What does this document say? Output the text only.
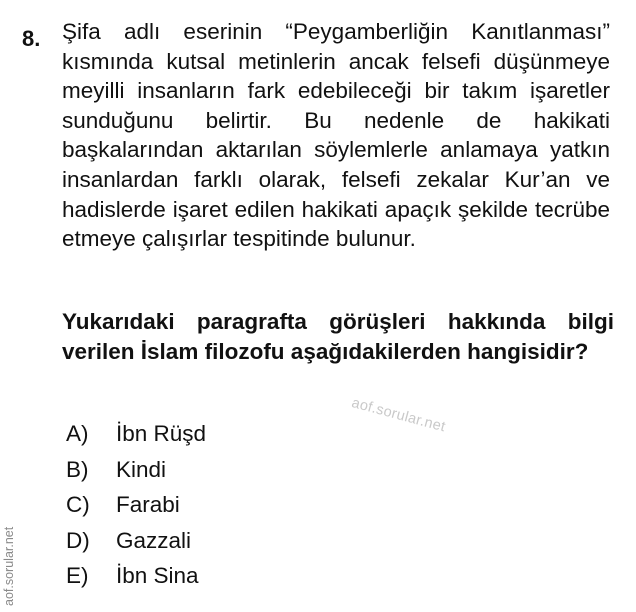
8. Şifa adlı eserinin “Peygamberliğin Kanıtlanması” kısmında kutsal metinlerin ancak felsefi düşünmeye meyilli insanların fark edebileceği bir takım işaretler sunduğunu belirtir. Bu nedenle de hakikati başkalarından aktarılan söylemlerle anlamaya yatkın insanlardan farklı olarak, felsefi zekalar Kur’an ve hadislerde işaret edilen hakikati apaçık şekilde tecrübe etmeye çalışırlar tespitinde bulunur.
Yukarıdaki paragrafta görüşleri hakkında bilgi verilen İslam filozofu aşağıdakilerden hangisidir?
A) İbn Rüşd
B) Kindi
C) Farabi
D) Gazzali
E) İbn Sina
aof.sorular.net
aof.sorular.net
